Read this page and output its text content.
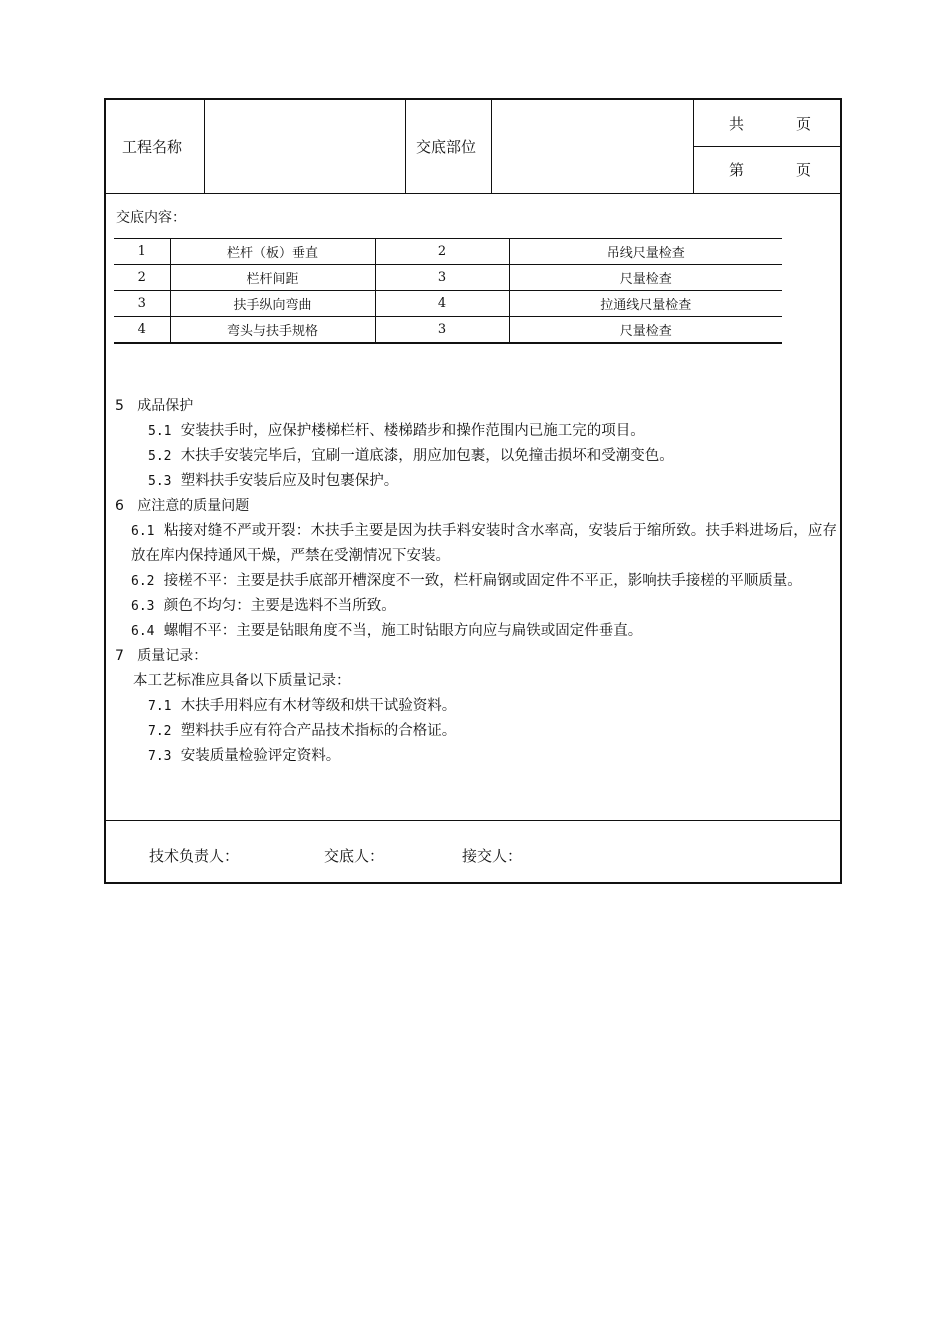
工程名称	交底部位
共	页
第	页
交底内容：
1	栏杆（板）垂直	2	吊线尺量检查
2	栏杆间距	3	尺量检查
3	扶手纵向弯曲	4	拉通线尺量检查
4	弯头与扶手规格	3	尺量检查

5 成品保护

5.1 安装扶手时，应保护楼梯栏杆、楼梯踏步和操作范围内已施工完的项目。

5.2 木扶手安装完毕后，宜刷一道底漆，朋应加包裹，以免撞击损坏和受潮变色。

5.3 塑料扶手安装后应及时包裹保护。

6 应注意的质量问题

6.1 粘接对缝不严或开裂：木扶手主要是因为扶手料安装时含水率高，安装后于缩所致。扶手料进场后，应存放在库内保持通风干燥，严禁在受潮情况下安装。

6.2 接槎不平：主要是扶手底部开槽深度不一致，栏杆扁钢或固定件不平正，影响扶手接槎的平顺质量。

6.3 颜色不均匀：主要是选料不当所致。

6.4 螺帽不平：主要是钻眼角度不当，施工时钻眼方向应与扁铁或固定件垂直。

7 质量记录：

本工艺标准应具备以下质量记录：

7.1 木扶手用料应有木材等级和烘干试验资料。

7.2 塑料扶手应有符合产品技术指标的合格证。

7.3 安装质量检验评定资料。

技术负责人：	交底人：	接交人：
